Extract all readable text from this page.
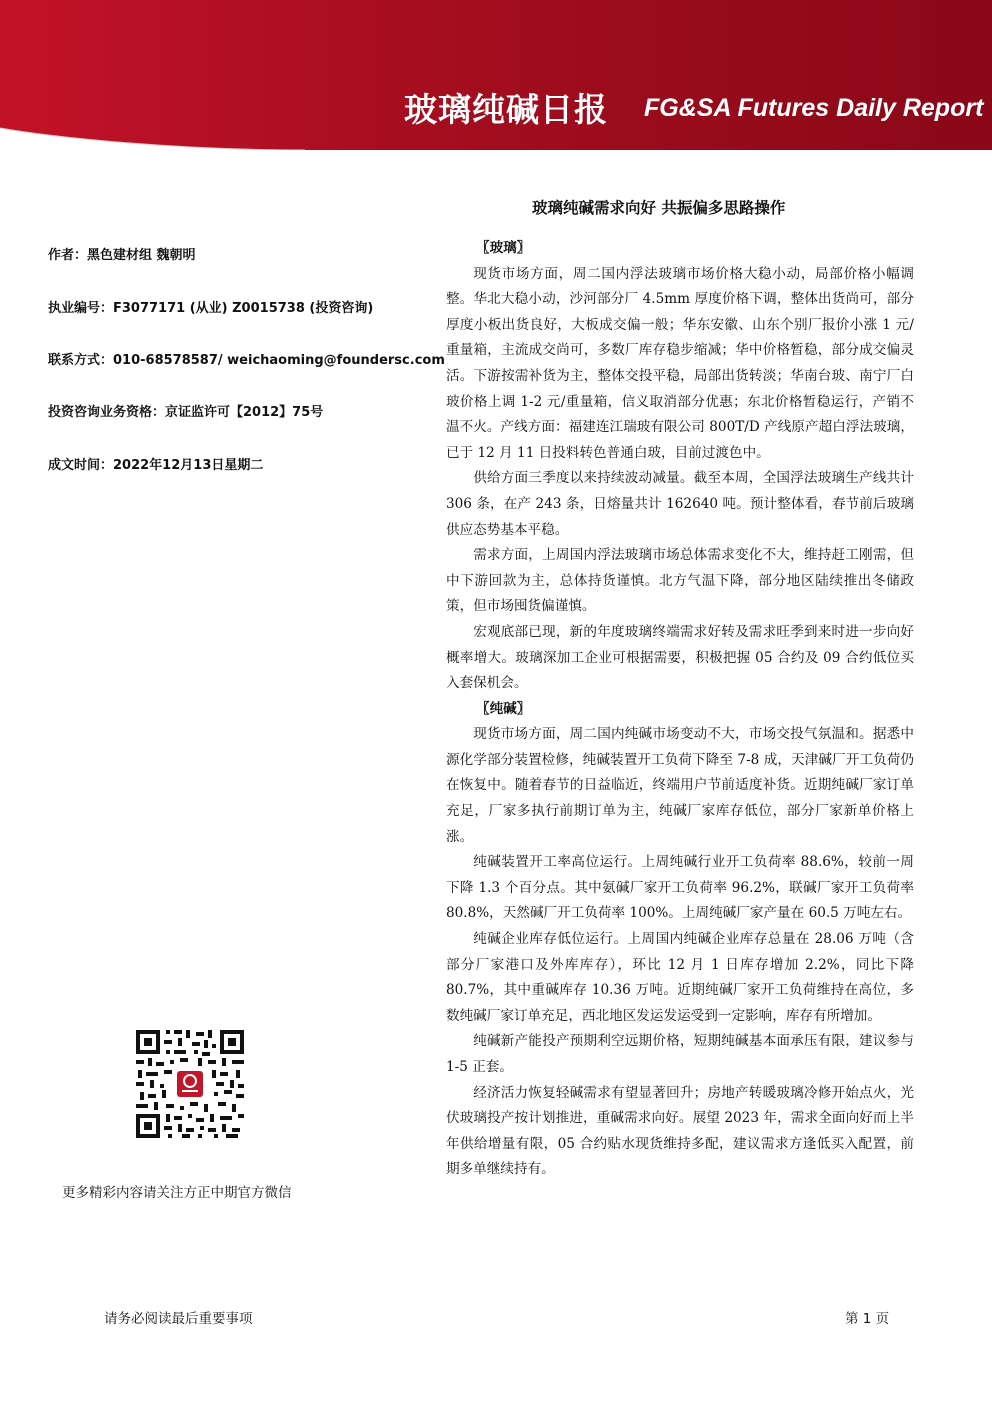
玻璃纯碱日报 FG&SA Futures Daily Report
玻璃纯碱需求向好 共振偏多思路操作
作者：黑色建材组 魏朝明
执业编号：F3077171 (从业) Z0015738 (投资咨询)
联系方式：010-68578587/ weichaoming@foundersc.com
投资咨询业务资格：京证监许可【2012】75号
成文时间：2022年12月13日星期二
更多精彩内容请关注方正中期官方微信
〖玻璃〗

现货市场方面，周二国内浮法玻璃市场价格大稳小动，局部价格小幅调整。华北大稳小动，沙河部分厂 4.5mm 厚度价格下调，整体出货尚可，部分厚度小板出货良好，大板成交偏一般；华东安徽、山东个别厂报价小涨 1 元/重量箱，主流成交尚可，多数厂库存稳步缩减；华中价格暂稳，部分成交偏灵活。下游按需补货为主，整体交投平稳，局部出货转淡；华南台玻、南宁厂白玻价格上调 1-2 元/重量箱，信义取消部分优惠；东北价格暂稳运行，产销不温不火。产线方面：福建连江瑞玻有限公司 800T/D 产线原产超白浮法玻璃，已于 12 月 11 日投料转色普通白玻，目前过渡色中。

供给方面三季度以来持续波动减量。截至本周，全国浮法玻璃生产线共计 306 条，在产 243 条，日熔量共计 162640 吨。预计整体看，春节前后玻璃供应态势基本平稳。

需求方面，上周国内浮法玻璃市场总体需求变化不大，维持赶工刚需，但中下游回款为主，总体持货谨慎。北方气温下降，部分地区陆续推出冬储政策，但市场囤货偏谨慎。

宏观底部已现，新的年度玻璃终端需求好转及需求旺季到来时进一步向好概率增大。玻璃深加工企业可根据需要，积极把握 05 合约及 09 合约低位买入套保机会。

〖纯碱〗

现货市场方面，周二国内纯碱市场变动不大，市场交投气氛温和。据悉中源化学部分装置检修，纯碱装置开工负荷下降至 7-8 成，天津碱厂开工负荷仍在恢复中。随着春节的日益临近，终端用户节前适度补货。近期纯碱厂家订单充足，厂家多执行前期订单为主，纯碱厂家库存低位，部分厂家新单价格上涨。

纯碱装置开工率高位运行。上周纯碱行业开工负荷率 88.6%，较前一周下降 1.3 个百分点。其中氨碱厂家开工负荷率 96.2%，联碱厂家开工负荷率 80.8%，天然碱厂开工负荷率 100%。上周纯碱厂家产量在 60.5 万吨左右。

纯碱企业库存低位运行。上周国内纯碱企业库存总量在 28.06 万吨（含部分厂家港口及外库库存），环比 12 月 1 日库存增加 2.2%，同比下降 80.7%，其中重碱库存 10.36 万吨。近期纯碱厂家开工负荷维持在高位，多数纯碱厂家订单充足，西北地区发运发运受到一定影响，库存有所增加。

纯碱新产能投产预期利空远期价格，短期纯碱基本面承压有限，建议参与 1-5 正套。

经济活力恢复轻碱需求有望显著回升；房地产转暖玻璃冷修开始点火，光伏玻璃投产按计划推进，重碱需求向好。展望 2023 年，需求全面向好而上半年供给增量有限，05 合约贴水现货维持多配，建议需求方逢低买入配置，前期多单继续持有。

请务必阅读最后重要事项	第 1 页
